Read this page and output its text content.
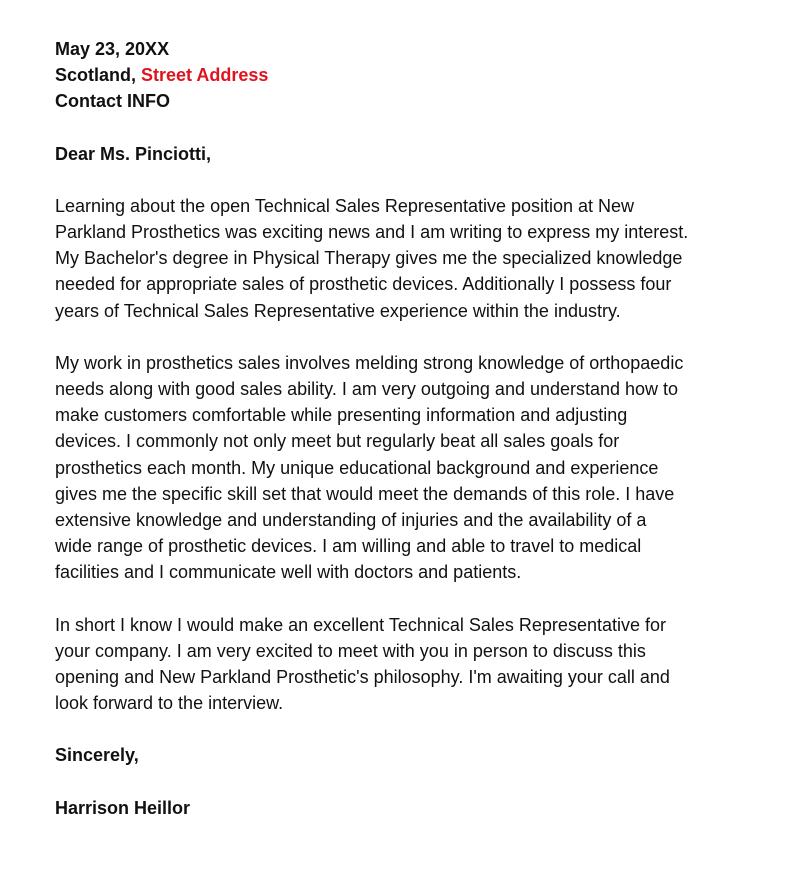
May 23, 20XX
Scotland, Street Address
Contact INFO
Dear Ms. Pinciotti,
Learning about the open Technical Sales Representative position at New
Parkland Prosthetics was exciting news and I am writing to express my interest.
My Bachelor's degree in Physical Therapy gives me the specialized knowledge
needed for appropriate sales of prosthetic devices. Additionally I possess four
years of Technical Sales Representative experience within the industry.
My work in prosthetics sales involves melding strong knowledge of orthopaedic
needs along with good sales ability. I am very outgoing and understand how to
make customers comfortable while presenting information and adjusting
devices. I commonly not only meet but regularly beat all sales goals for
prosthetics each month. My unique educational background and experience
gives me the specific skill set that would meet the demands of this role. I have
extensive knowledge and understanding of injuries and the availability of a
wide range of prosthetic devices. I am willing and able to travel to medical
facilities and I communicate well with doctors and patients.
In short I know I would make an excellent Technical Sales Representative for
your company. I am very excited to meet with you in person to discuss this
opening and New Parkland Prosthetic's philosophy. I'm awaiting your call and
look forward to the interview.
Sincerely,
Harrison Heillor
